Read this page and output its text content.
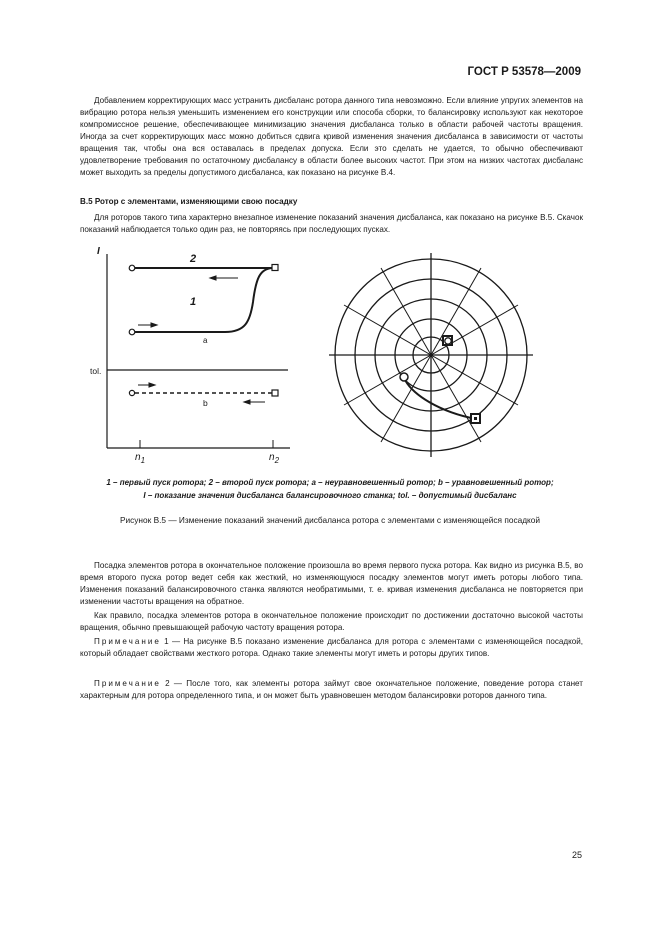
ГОСТ Р 53578—2009

Добавлением корректирующих масс устранить дисбаланс ротора данного типа невозможно. Если влияние упругих элементов на вибрацию ротора нельзя уменьшить изменением его конструкции или способа сборки, то балансировку используют как некоторое компромиссное решение, обеспечивающее минимизацию значения дисбаланса только в области рабочей частоты вращения. Иногда за счет корректирующих масс можно добиться сдвига кривой изменения значения дисбаланса в зависимости от частоты вращения так, чтобы она вся оставалась в пределах допуска. Если это сделать не удается, то обычно обеспечивают удовлетворение требования по остаточному дисбалансу в области более высоких частот. При этом на низких частотах дисбаланс может выходить за пределы допустимого дисбаланса, как показано на рисунке В.4.

В.5 Ротор с элементами, изменяющими свою посадку

Для роторов такого типа характерно внезапное изменение показаний значения дисбаланса, как показано на рисунке В.5. Скачок показаний наблюдается только один раз, не повторяясь при последующих пусках.

I
tol.
2
1
a
b
$n_1$	$n_2$
1 – первый пуск ротора; 2 – второй пуск ротора; a – неуравновешенный ротор; b – уравновешенный ротор;
I – показание значения дисбаланса балансировочного станка; tol. – допустимый дисбаланс
Рисунок В.5 — Изменение показаний значений дисбаланса ротора с элементами с изменяющейся посадкой

Посадка элементов ротора в окончательное положение произошла во время первого пуска ротора. Как видно из рисунка В.5, во время второго пуска ротор ведет себя как жесткий, но изменяющуюся посадку элементов могут иметь роторы любого типа. Изменения показаний балансировочного станка являются необратимыми, т. е. кривая изменения дисбаланса не повторяется при изменении частоты вращения на обратное.

Как правило, посадка элементов ротора в окончательное положение происходит по достижении достаточно высокой частоты вращения, обычно превышающей рабочую частоту вращения ротора.

Примечание 1 — На рисунке В.5 показано изменение дисбаланса для ротора с элементами с изменяющейся посадкой, который обладает свойствами жесткого ротора. Однако такие элементы могут иметь и роторы других типов.

Примечание 2 — После того, как элементы ротора займут свое окончательное положение, поведение ротора станет характерным для ротора определенного типа, и он может быть уравновешен методом балансировки роторов данного типа.

25
